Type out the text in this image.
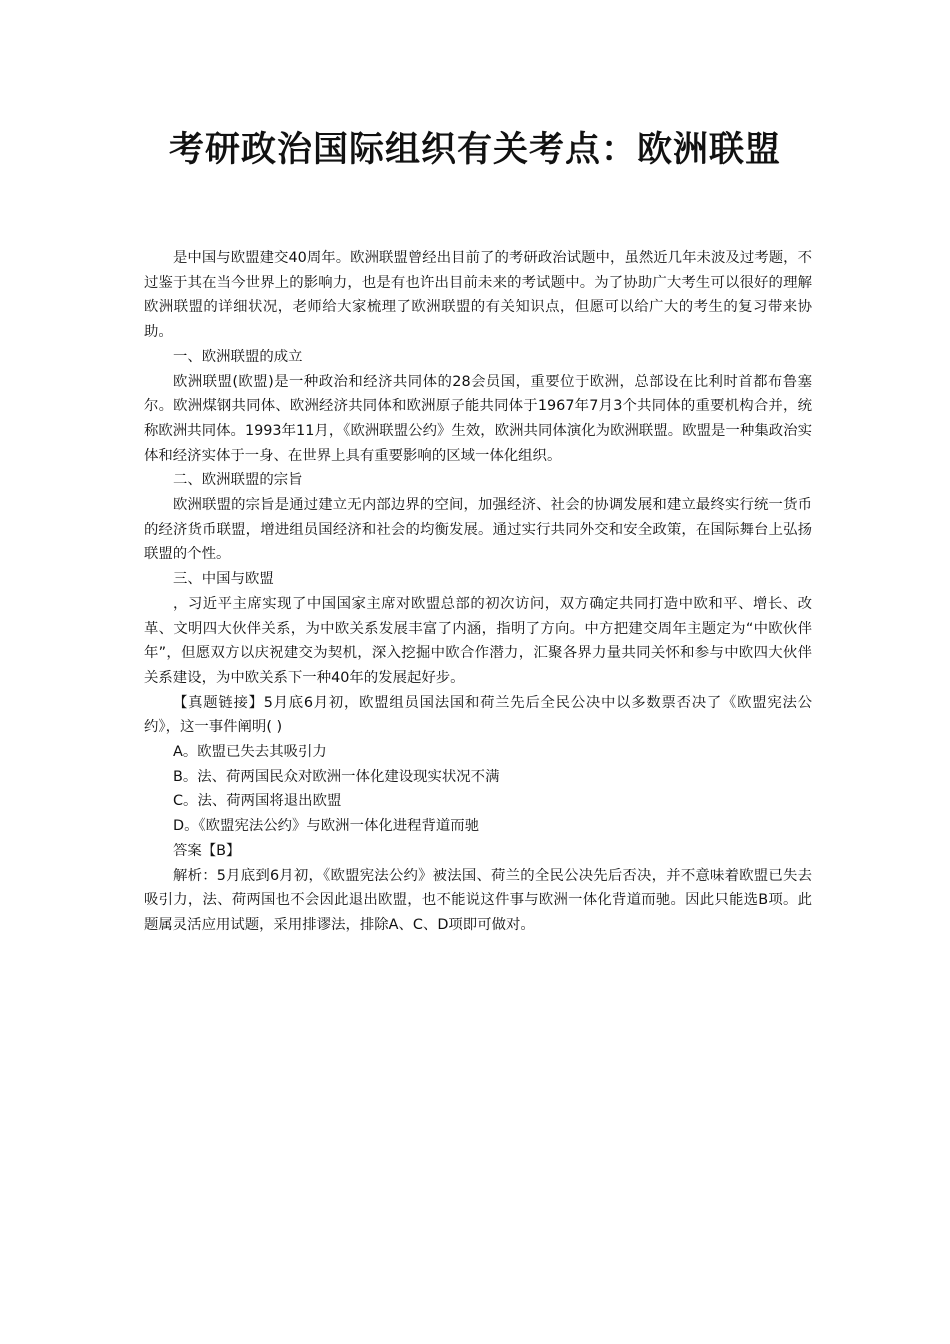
考研政治国际组织有关考点：欧洲联盟

是中国与欧盟建交40周年。欧洲联盟曾经出目前了的考研政治试题中，虽然近几年未波及过考题，不过鉴于其在当今世界上的影响力，也是有也许出目前未来的考试题中。为了协助广大考生可以很好的理解欧洲联盟的详细状况，老师给大家梳理了欧洲联盟的有关知识点，但愿可以给广大的考生的复习带来协助。

一、欧洲联盟的成立

欧洲联盟(欧盟)是一种政治和经济共同体的28会员国，重要位于欧洲，总部设在比利时首都布鲁塞尔。欧洲煤钢共同体、欧洲经济共同体和欧洲原子能共同体于1967年7月3个共同体的重要机构合并，统称欧洲共同体。1993年11月，《欧洲联盟公约》生效，欧洲共同体演化为欧洲联盟。欧盟是一种集政治实体和经济实体于一身、在世界上具有重要影响的区域一体化组织。

二、欧洲联盟的宗旨

欧洲联盟的宗旨是通过建立无内部边界的空间，加强经济、社会的协调发展和建立最终实行统一货币的经济货币联盟，增进组员国经济和社会的均衡发展。通过实行共同外交和安全政策，在国际舞台上弘扬联盟的个性。

三、中国与欧盟

，习近平主席实现了中国国家主席对欧盟总部的初次访问，双方确定共同打造中欧和平、增长、改革、文明四大伙伴关系，为中欧关系发展丰富了内涵，指明了方向。中方把建交周年主题定为“中欧伙伴年”，但愿双方以庆祝建交为契机，深入挖掘中欧合作潜力，汇聚各界力量共同关怀和参与中欧四大伙伴关系建设，为中欧关系下一种40年的发展起好步。

【真题链接】5月底6月初，欧盟组员国法国和荷兰先后全民公决中以多数票否决了《欧盟宪法公约》，这一事件阐明( )

A。欧盟已失去其吸引力

B。法、荷两国民众对欧洲一体化建设现实状况不满

C。法、荷两国将退出欧盟

D。《欧盟宪法公约》与欧洲一体化进程背道而驰

答案【B】

解析：5月底到6月初，《欧盟宪法公约》被法国、荷兰的全民公决先后否决，并不意味着欧盟已失去吸引力，法、荷两国也不会因此退出欧盟，也不能说这件事与欧洲一体化背道而驰。因此只能选B项。此题属灵活应用试题，采用排谬法，排除A、C、D项即可做对。
